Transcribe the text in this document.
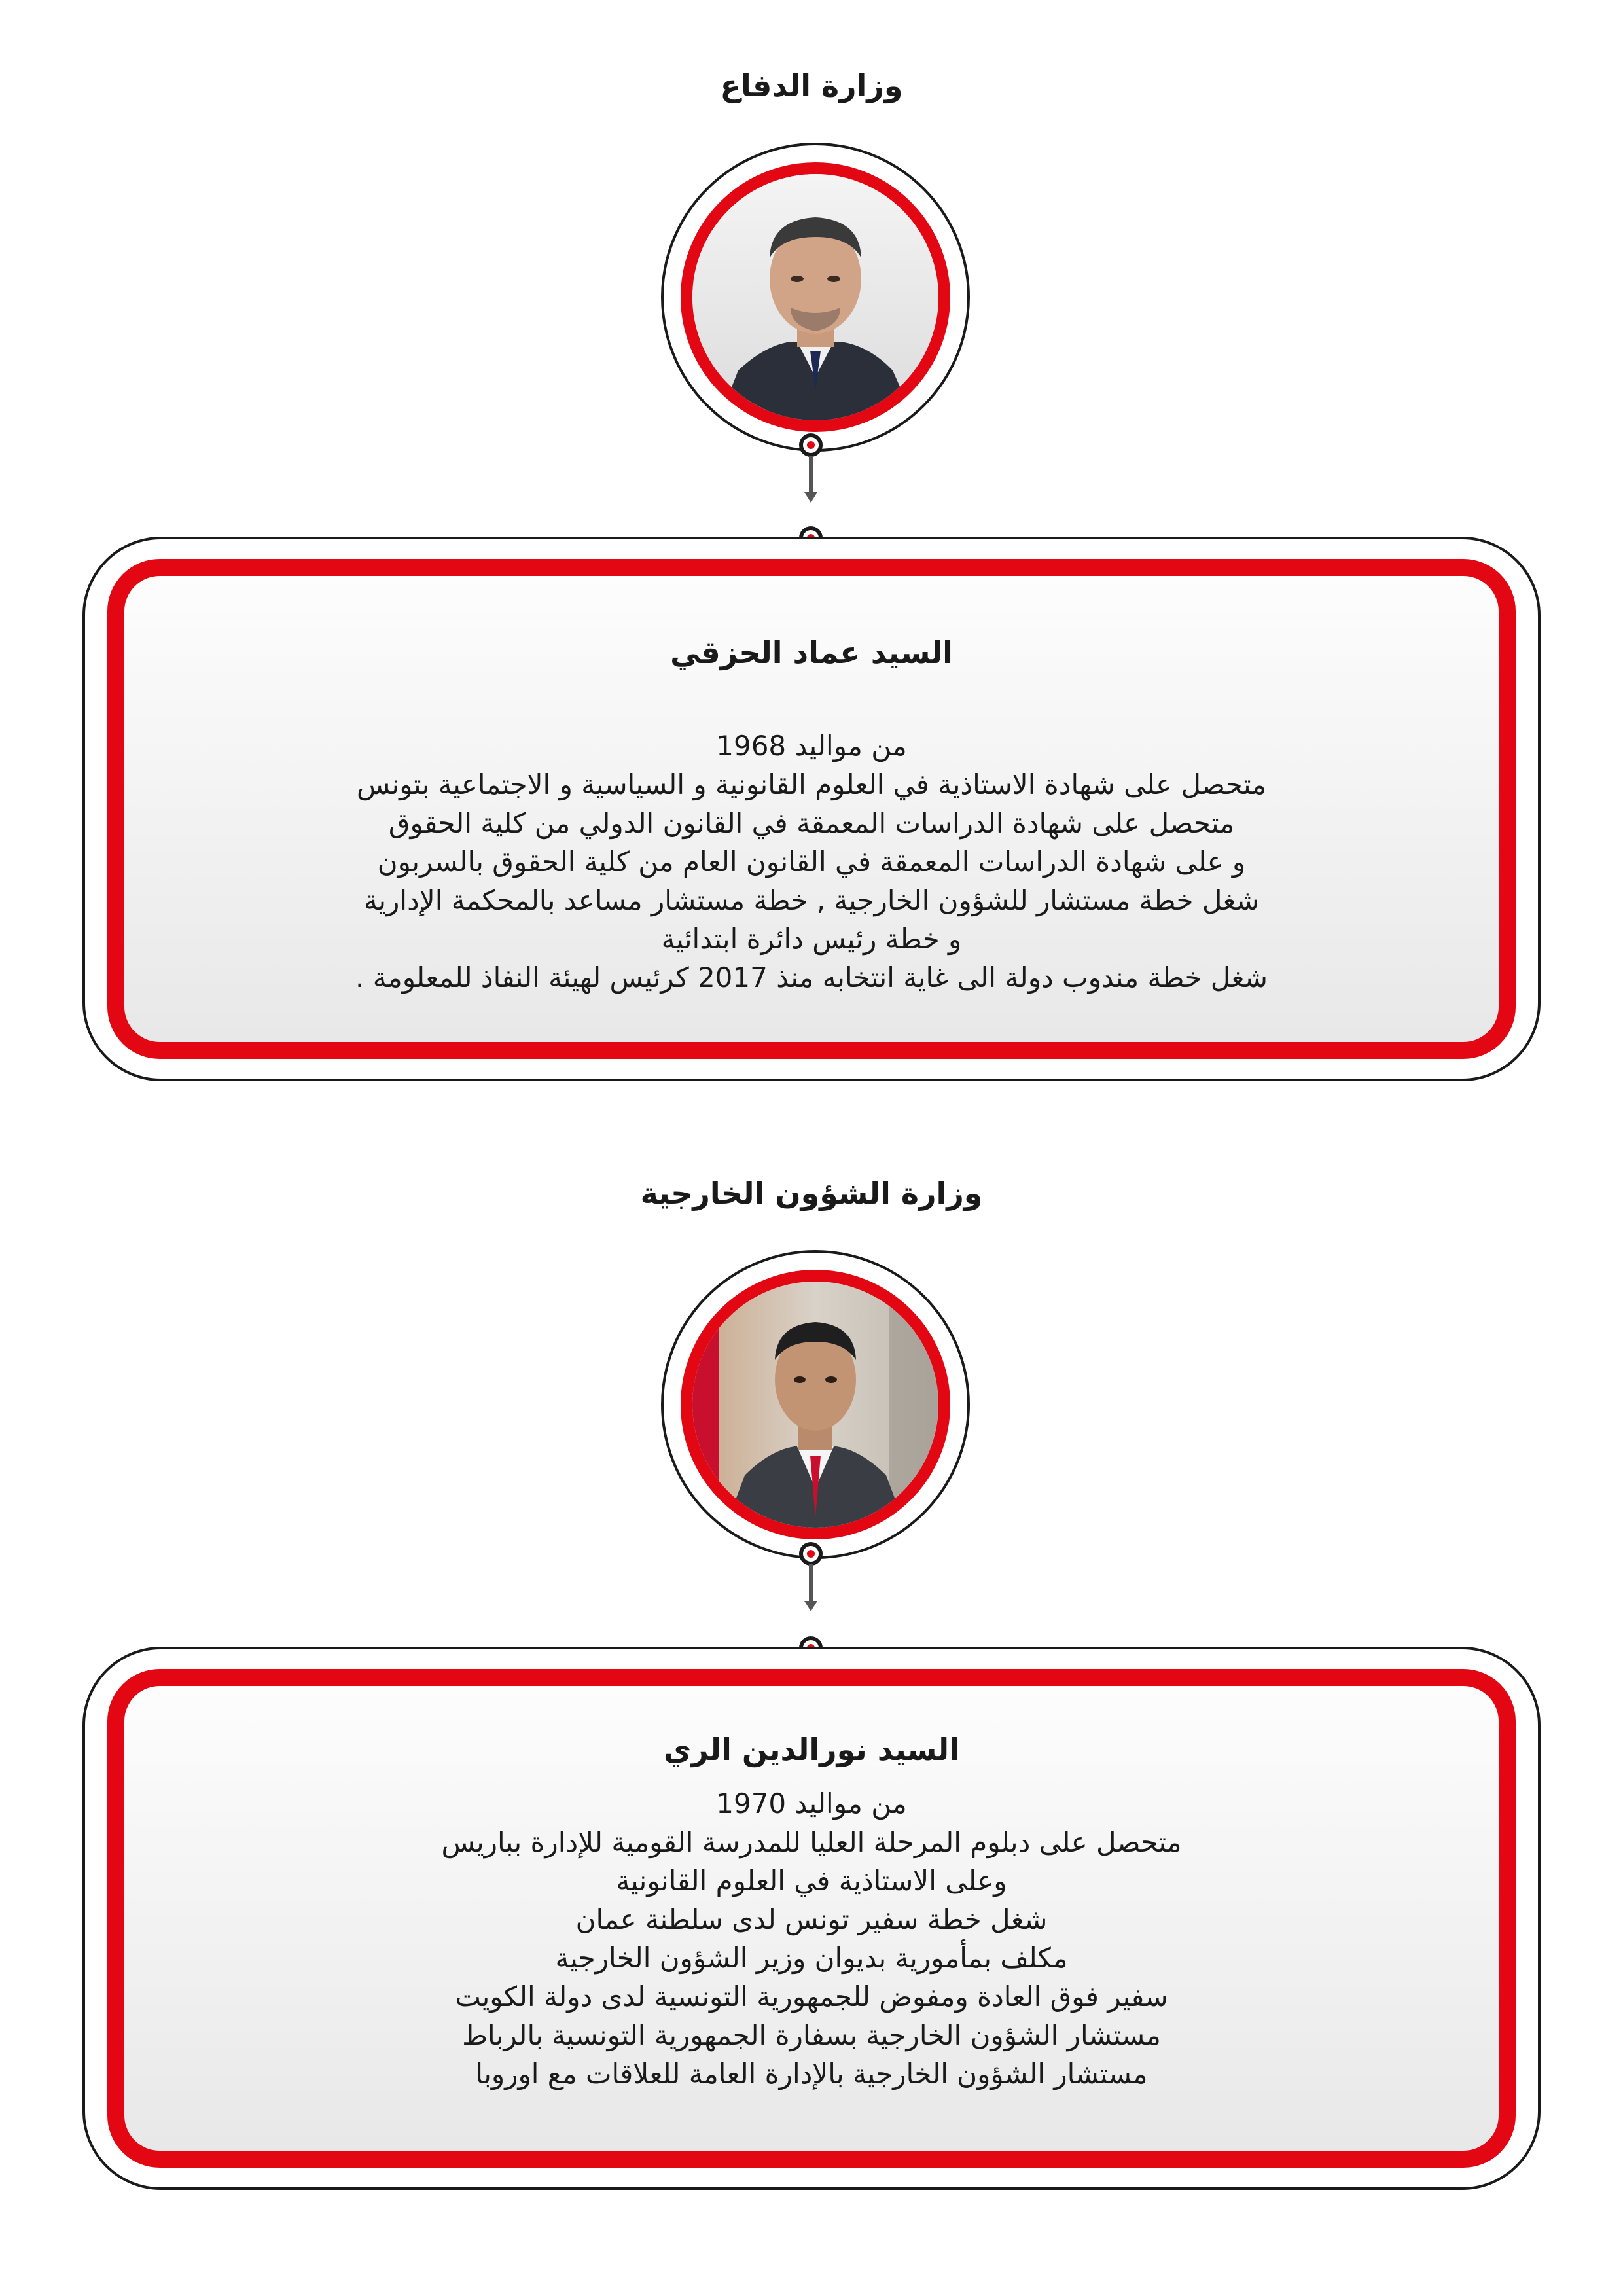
وزارة الدفاع
السيد عماد الحزقي
من مواليد 1968
متحصل على شهادة الاستاذية في العلوم القانونية و السياسية و الاجتماعية بتونس
متحصل على شهادة الدراسات المعمقة في القانون الدولي من كلية الحقوق
و على شهادة الدراسات المعمقة في القانون العام من كلية الحقوق بالسربون
شغل خطة مستشار للشؤون الخارجية , خطة مستشار مساعد بالمحكمة الإدارية
و خطة رئيس دائرة ابتدائية
شغل خطة مندوب دولة الى غاية انتخابه منذ 2017 كرئيس لهيئة النفاذ للمعلومة .
وزارة الشؤون الخارجية
السيد نورالدين الري
من مواليد 1970
متحصل على دبلوم المرحلة العليا للمدرسة القومية للإدارة بباريس
وعلى الاستاذية في العلوم القانونية
شغل خطة سفير تونس لدى سلطنة عمان
مكلف بمأمورية بديوان وزير الشؤون الخارجية
سفير فوق العادة ومفوض للجمهورية التونسية لدى دولة الكويت
مستشار الشؤون الخارجية بسفارة الجمهورية التونسية بالرباط
مستشار الشؤون الخارجية بالإدارة العامة للعلاقات مع اوروبا
